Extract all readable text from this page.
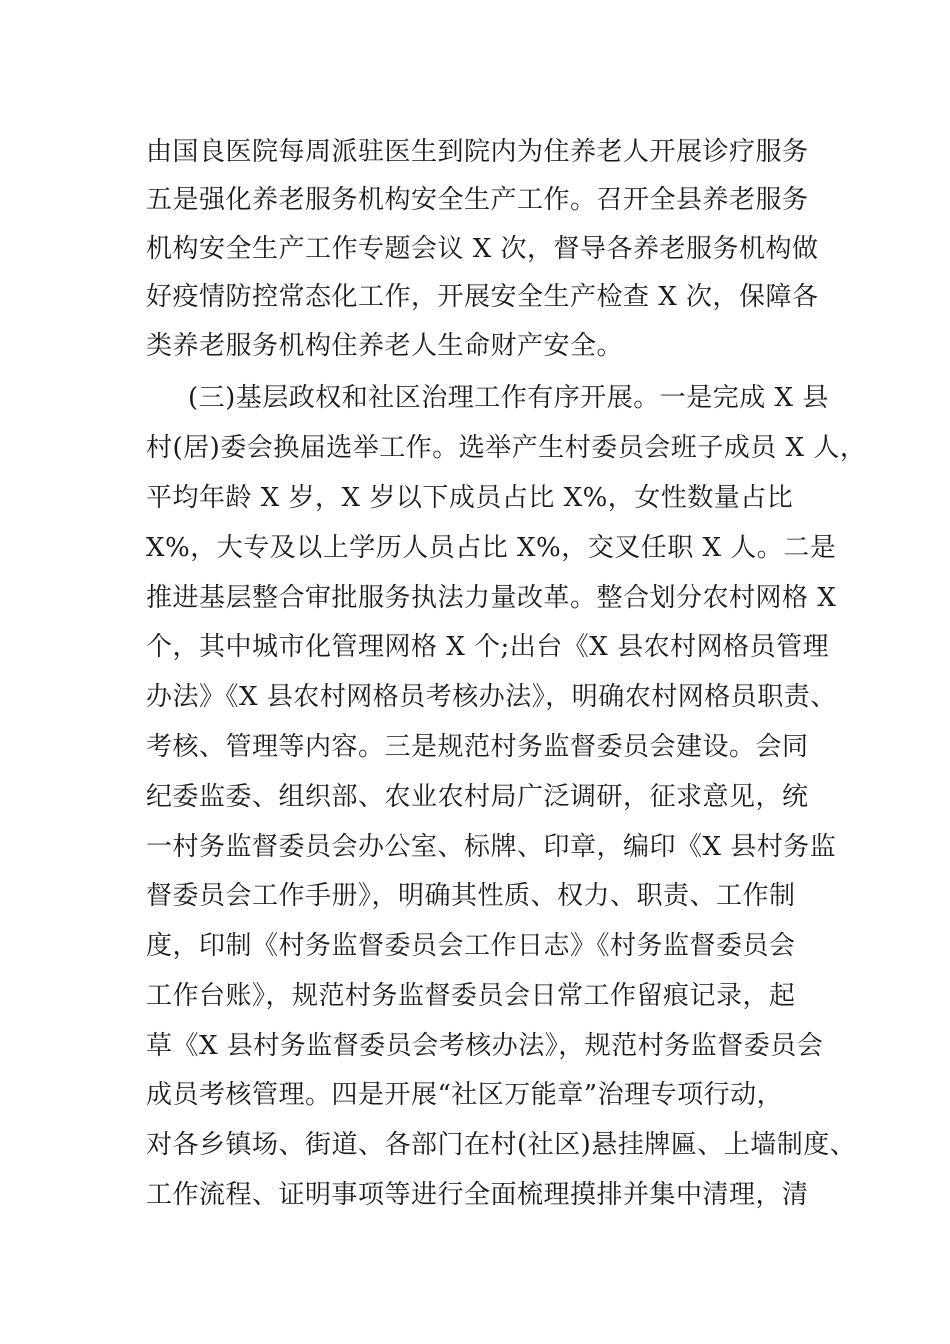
由国良医院每周派驻医生到院内为住养老人开展诊疗服务
五是强化养老服务机构安全生产工作。召开全县养老服务
机构安全生产工作专题会议 X 次，督导各养老服务机构做
好疫情防控常态化工作，开展安全生产检查 X 次，保障各
类养老服务机构住养老人生命财产安全。
(三)基层政权和社区治理工作有序开展。一是完成 X 县
村(居)委会换届选举工作。选举产生村委员会班子成员 X 人，
平均年龄 X 岁，X 岁以下成员占比 X%，女性数量占比
X%，大专及以上学历人员占比 X%，交叉任职 X 人。二是
推进基层整合审批服务执法力量改革。整合划分农村网格 X
个，其中城市化管理网格 X 个;出台《X 县农村网格员管理
办法》《X 县农村网格员考核办法》，明确农村网格员职责、
考核、管理等内容。三是规范村务监督委员会建设。会同
纪委监委、组织部、农业农村局广泛调研，征求意见，统
一村务监督委员会办公室、标牌、印章，编印《X 县村务监
督委员会工作手册》，明确其性质、权力、职责、工作制
度，印制《村务监督委员会工作日志》《村务监督委员会
工作台账》，规范村务监督委员会日常工作留痕记录，起
草《X 县村务监督委员会考核办法》，规范村务监督委员会
成员考核管理。四是开展“社区万能章”治理专项行动，
对各乡镇场、街道、各部门在村(社区)悬挂牌匾、上墙制度、
工作流程、证明事项等进行全面梳理摸排并集中清理，清
